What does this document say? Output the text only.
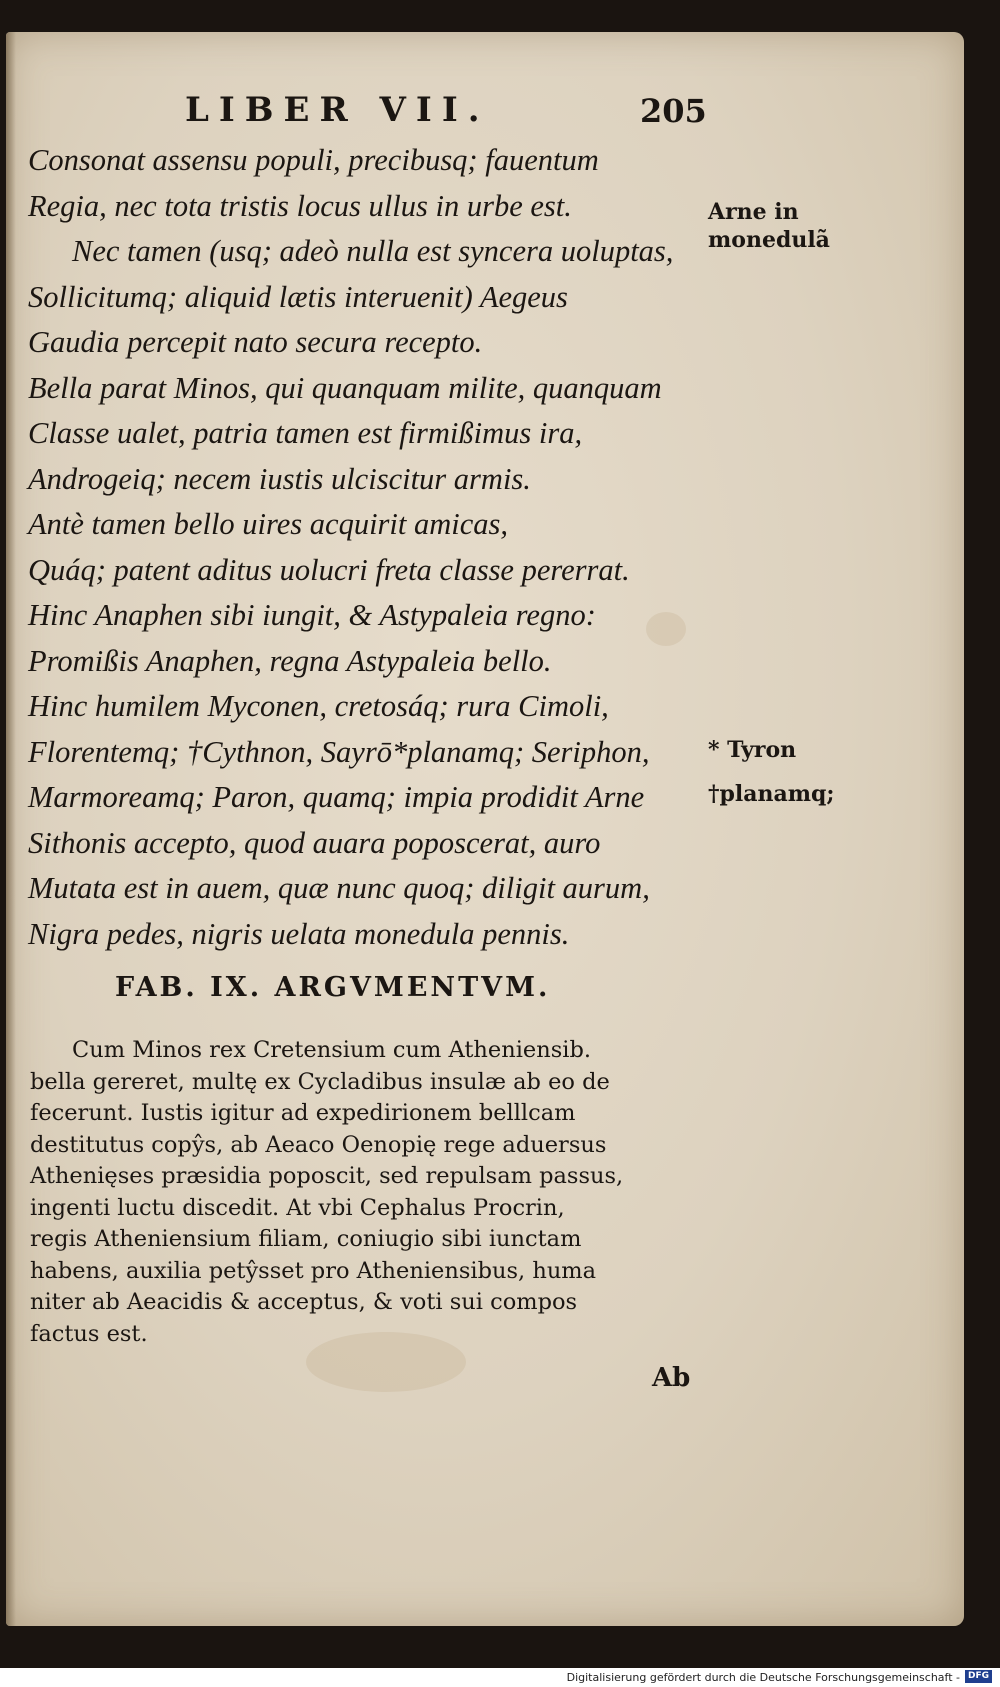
LIBER VII.	205
Consonat assensu populi, precibusq; fauentum
Regia, nec tota tristis locus ullus in urbe est.
Nec tamen (usq; adeò nulla est syncera uoluptas,
Sollicitumq; aliquid lætis interuenit) Aegeus
Gaudia percepit nato secura recepto.
Bella parat Minos, qui quanquam milite, quanquam
Classe ualet, patria tamen est firmißimus ira,
Androgeiq; necem iustis ulciscitur armis.
Antè tamen bello uires acquirit amicas,
Quáq; patent aditus uolucri freta classe pererrat.
Hinc Anaphen sibi iungit, & Astypaleia regno:
Promißis Anaphen, regna Astypaleia bello.
Hinc humilem Myconen, cretosáq; rura Cimoli,
Florentemq; †Cythnon, Sayrō*planamq; Seriphon,
Marmoreamq; Paron, quamq; impia prodidit Arne
Sithonis accepto, quod auara poposcerat, auro
Mutata est in auem, quæ nunc quoq; diligit aurum,
Nigra pedes, nigris uelata monedula pennis.
Arne in
monedulã
* Tyron
†planamq;
FAB. IX. ARGVMENTVM.
Cum Minos rex Cretensium cum Atheniensib.
bella gereret, multę ex Cycladibus insulæ ab eo de
fecerunt. Iustis igitur ad expedirionem belllcam
destitutus copŷs, ab Aeaco Oenopię rege aduersus
Athenięses præsidia poposcit, sed repulsam passus,
ingenti luctu discedit. At vbi Cephalus Procrin,
regis Atheniensium filiam, coniugio sibi iunctam
habens, auxilia petŷsset pro Atheniensibus, huma
niter ab Aeacidis & acceptus, & voti sui compos
factus est.
Ab
Digitalisierung gefördert durch die Deutsche Forschungsgemeinschaft - DFG
